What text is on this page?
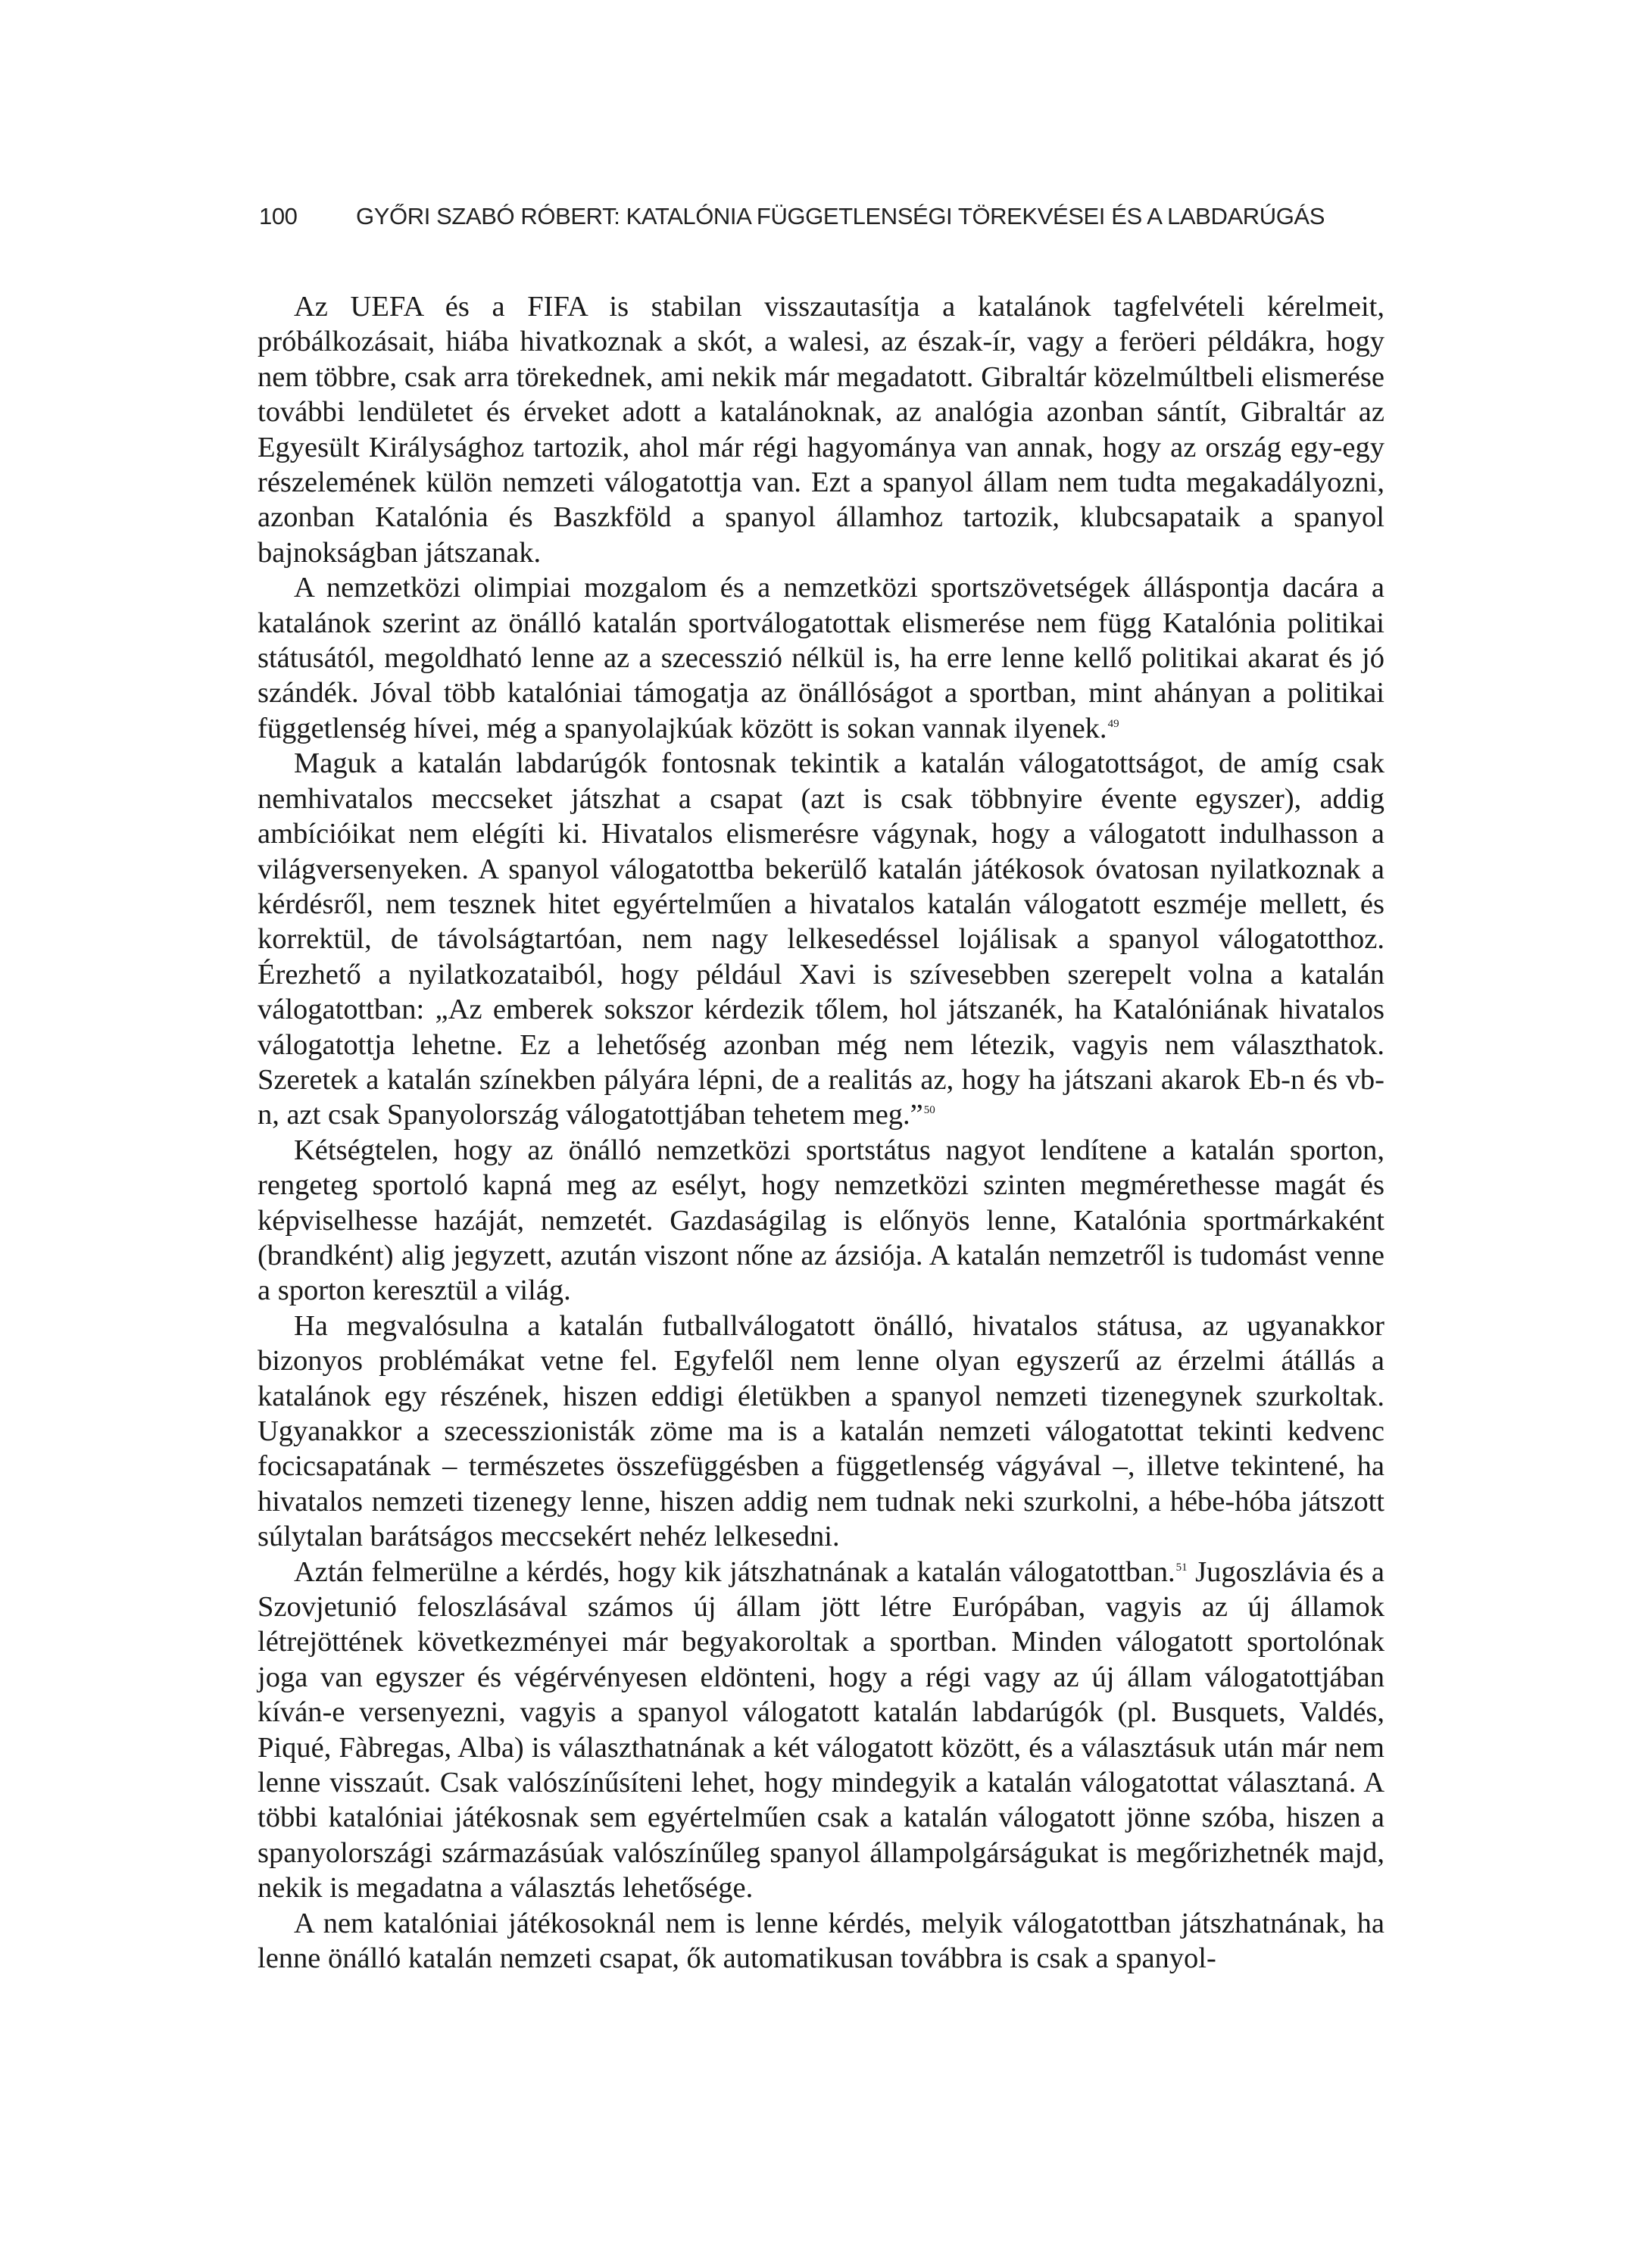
100 GYŐRI SZABÓ RÓBERT: KATALÓNIA FÜGGETLENSÉGI TÖREKVÉSEI ÉS A LABDARÚGÁS

Az UEFA és a FIFA is stabilan visszautasítja a katalánok tagfelvételi kérelmeit, próbálkozásait, hiába hivatkoznak a skót, a walesi, az észak-ír, vagy a feröeri példákra, hogy nem többre, csak arra törekednek, ami nekik már megadatott. Gibraltár közelmúltbeli elismerése további lendületet és érveket adott a katalánoknak, az analógia azonban sántít, Gibraltár az Egyesült Királysághoz tartozik, ahol már régi hagyománya van annak, hogy az ország egy-egy részelemének külön nemzeti válogatottja van. Ezt a spanyol állam nem tudta megakadályozni, azonban Katalónia és Baszkföld a spanyol államhoz tartozik, klubcsapataik a spanyol bajnokságban játszanak.

A nemzetközi olimpiai mozgalom és a nemzetközi sportszövetségek álláspontja dacára a katalánok szerint az önálló katalán sportválogatottak elismerése nem függ Katalónia politikai státusától, megoldható lenne az a szecesszió nélkül is, ha erre lenne kellő politikai akarat és jó szándék. Jóval több katalóniai támogatja az önállóságot a sportban, mint ahányan a politikai függetlenség hívei, még a spanyolajkúak között is sokan vannak ilyenek.$^{49}$

Maguk a katalán labdarúgók fontosnak tekintik a katalán válogatottságot, de amíg csak nemhivatalos meccseket játszhat a csapat (azt is csak többnyire évente egyszer), addig ambícióikat nem elégíti ki. Hivatalos elismerésre vágynak, hogy a válogatott indulhasson a világversenyeken. A spanyol válogatottba bekerülő katalán játékosok óvatosan nyilatkoznak a kérdésről, nem tesznek hitet egyértelműen a hivatalos katalán válogatott eszméje mellett, és korrektül, de távolságtartóan, nem nagy lelkesedéssel lojálisak a spanyol válogatotthoz. Érezhető a nyilatkozataiból, hogy például Xavi is szívesebben szerepelt volna a katalán válogatottban: „Az emberek sokszor kérdezik tőlem, hol játszanék, ha Katalóniának hivatalos válogatottja lehetne. Ez a lehetőség azonban még nem létezik, vagyis nem választhatok. Szeretek a katalán színekben pályára lépni, de a realitás az, hogy ha játszani akarok Eb-n és vb-n, azt csak Spanyolország válogatottjában tehetem meg.”$^{50}$

Kétségtelen, hogy az önálló nemzetközi sportstátus nagyot lendítene a katalán sporton, rengeteg sportoló kapná meg az esélyt, hogy nemzetközi szinten megmérethesse magát és képviselhesse hazáját, nemzetét. Gazdaságilag is előnyös lenne, Katalónia sportmárkaként (brandként) alig jegyzett, azután viszont nőne az ázsiója. A katalán nemzetről is tudomást venne a sporton keresztül a világ.

Ha megvalósulna a katalán futballválogatott önálló, hivatalos státusa, az ugyanakkor bizonyos problémákat vetne fel. Egyfelől nem lenne olyan egyszerű az érzelmi átállás a katalánok egy részének, hiszen eddigi életükben a spanyol nemzeti tizenegynek szurkoltak. Ugyanakkor a szecesszionisták zöme ma is a katalán nemzeti válogatottat tekinti kedvenc focicsapatának – természetes összefüggésben a függetlenség vágyával –, illetve tekintené, ha hivatalos nemzeti tizenegy lenne, hiszen addig nem tudnak neki szurkolni, a hébe-hóba játszott súlytalan barátságos meccsekért nehéz lelkesedni.

Aztán felmerülne a kérdés, hogy kik játszhatnának a katalán válogatottban.$^{51}$ Jugoszlávia és a Szovjetunió feloszlásával számos új állam jött létre Európában, vagyis az új államok létrejöttének következményei már begyakoroltak a sportban. Minden válogatott sportolónak joga van egyszer és végérvényesen eldönteni, hogy a régi vagy az új állam válogatottjában kíván-e versenyezni, vagyis a spanyol válogatott katalán labdarúgók (pl. Busquets, Valdés, Piqué, Fàbregas, Alba) is választhatnának a két válogatott között, és a választásuk után már nem lenne visszaút. Csak valószínűsíteni lehet, hogy mindegyik a katalán válogatottat választaná. A többi katalóniai játékosnak sem egyértelműen csak a katalán válogatott jönne szóba, hiszen a spanyolországi származásúak valószínűleg spanyol állampolgárságukat is megőrizhetnék majd, nekik is megadatna a választás lehetősége.

A nem katalóniai játékosoknál nem is lenne kérdés, melyik válogatottban játszhatnának, ha lenne önálló katalán nemzeti csapat, ők automatikusan továbbra is csak a spanyol-
